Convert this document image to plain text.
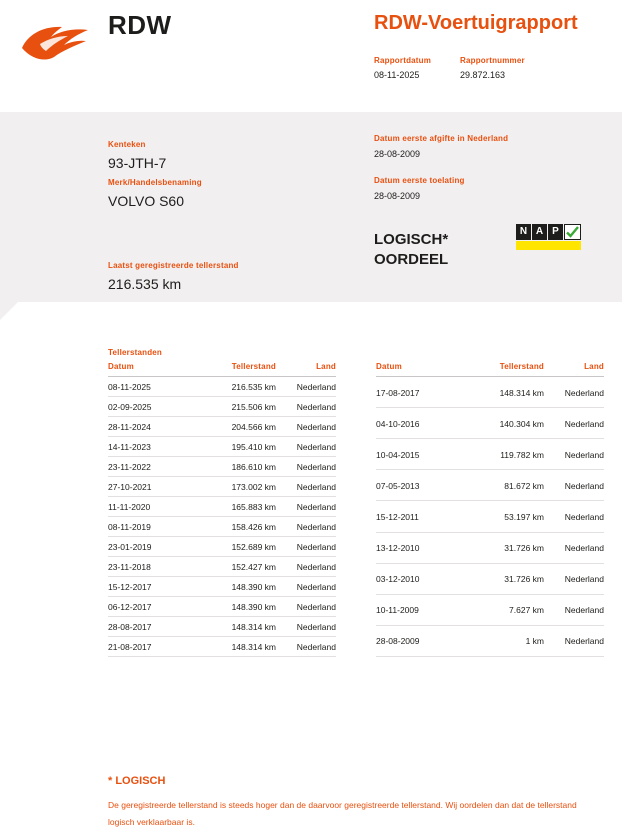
RDW	RDW-Voertuigrapport
Rapportdatum
08-11-2025
Rapportnummer
29.872.163
Kenteken
93-JTH-7
Merk/Handelsbenaming
VOLVO S60
Laatst geregistreerde tellerstand
216.535 km
Datum eerste afgifte in Nederland
28-08-2009
Datum eerste toelating
28-08-2009
LOGISCH*
OORDEEL
N A P
Tellerstanden
Datum	Tellerstand	Land
08-11-2025	216.535 km	Nederland
02-09-2025	215.506 km	Nederland
28-11-2024	204.566 km	Nederland
14-11-2023	195.410 km	Nederland
23-11-2022	186.610 km	Nederland
27-10-2021	173.002 km	Nederland
11-11-2020	165.883 km	Nederland
08-11-2019	158.426 km	Nederland
23-01-2019	152.689 km	Nederland
23-11-2018	152.427 km	Nederland
15-12-2017	148.390 km	Nederland
06-12-2017	148.390 km	Nederland
28-08-2017	148.314 km	Nederland
21-08-2017	148.314 km	Nederland
Datum	Tellerstand	Land
17-08-2017	148.314 km	Nederland
04-10-2016	140.304 km	Nederland
10-04-2015	119.782 km	Nederland
07-05-2013	81.672 km	Nederland
15-12-2011	53.197 km	Nederland
13-12-2010	31.726 km	Nederland
03-12-2010	31.726 km	Nederland
10-11-2009	7.627 km	Nederland
28-08-2009	1 km	Nederland
* LOGISCH
De geregistreerde tellerstand is steeds hoger dan de daarvoor geregistreerde tellerstand. Wij oordelen dan dat de tellerstand logisch verklaarbaar is.
